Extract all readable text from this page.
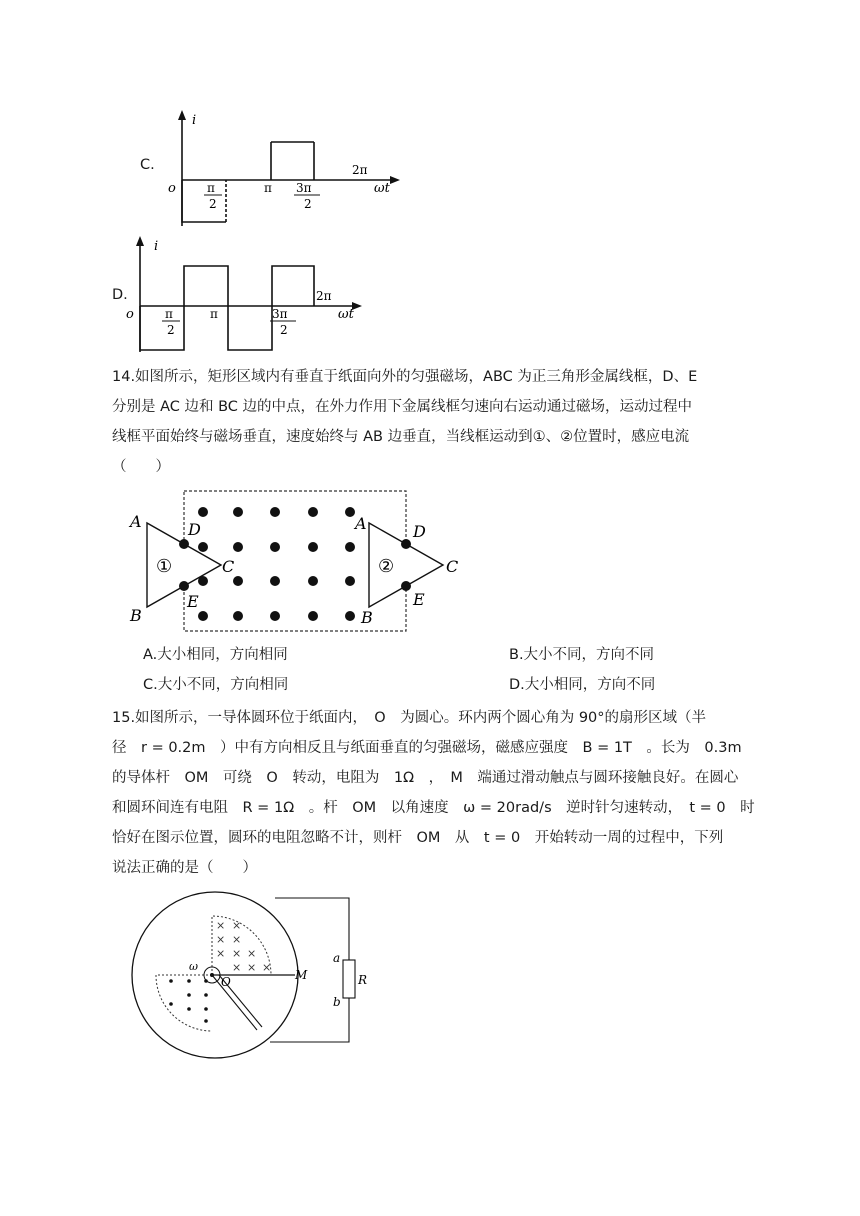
C.
i
o	π
2
π 3π
2
2π
ωt
D.
i
o	π
2
π	3π
2
2π
ωt
14.如图所示，矩形区域内有垂直于纸面向外的匀强磁场，ABC 为正三角形金属线框，D、E
分别是 AC 边和 BC 边的中点，在外力作用下金属线框匀速向右运动通过磁场，运动过程中
线框平面始终与磁场垂直，速度始终与 AB 边垂直，当线框运动到①、②位置时，感应电流
（　　）
A
B
C
D
E
①
A
B
C
D
E
②
A.大小相同，方向相同	B.大小不同，方向不同
C.大小不同，方向相同	D.大小相同，方向不同
15.如图所示，一导体圆环位于纸面内，　O　为圆心。环内两个圆心角为 90°的扇形区域（半
径　r = 0.2m　）中有方向相反且与纸面垂直的匀强磁场，磁感应强度　B = 1T　。长为　0.3m
的导体杆　OM　可绕　O　转动，电阻为　1Ω　，　M　端通过滑动触点与圆环接触良好。在圆心
和圆环间连有电阻　R = 1Ω　。杆　OM　以角速度　ω = 20rad/s　逆时针匀速转动，　t = 0　时
恰好在图示位置，圆环的电阻忽略不计，则杆　OM　从　t = 0　开始转动一周的过程中，下列
说法正确的是（　　）
× ×
× ×
× × ×
× × ×
ω
O	M
a
R
b
